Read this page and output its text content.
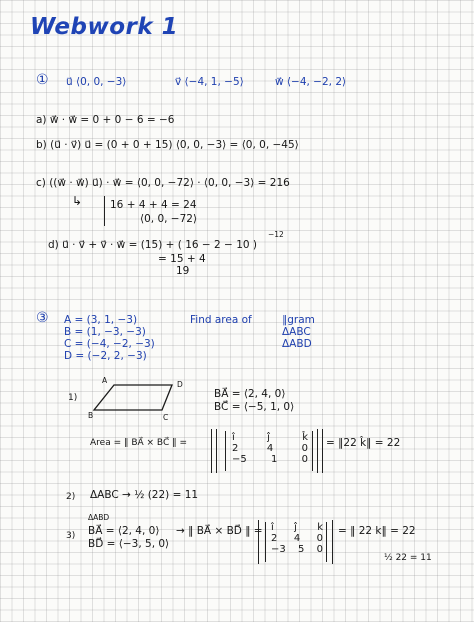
Webwork 1
① u⃗ ⟨0, 0, −3⟩	v⃗ ⟨−4, 1, −5⟩	w⃗ ⟨−4, −2, 2⟩
a) w⃗ · w⃗ = 0 + 0 − 6 = −6
b) (u⃗ · v⃗) u⃗ = (0 + 0 + 15) ⟨0, 0, −3⟩ = ⟨0, 0, −45⟩
c) ((w⃗ · w⃗) u⃗) · w⃗ = ⟨0, 0, −72⟩ · ⟨0, 0, −3⟩ = 216
↳	16 + 4 + 4 = 24
⟨0, 0, −72⟩
−12
d) u⃗ · v⃗ + v⃗ · w⃗ = (15) + ( 16 − 2 − 10 )
= 15 + 4
19
③ A = (3, 1, −3)
B = (1, −3, −3)
C = (−4, −2, −3)
D = (−2, 2, −3)
Find area of	∥gram
ΔABC
ΔABD
1)
A	D
B	C
BA⃗ = ⟨2, 4, 0⟩
BC⃗ = ⟨−5, 1, 0⟩
Area = ‖ BA⃗ × BC⃗ ‖ =	î	ĵ	k̂
2	4	0
−5 1 0
= ‖22 k̂‖ = 22
2) ΔABC → ½ (22) = 11
ΔABD
3) BA⃗ = ⟨2, 4, 0⟩
BD⃗ = ⟨−3, 5, 0⟩
→ ‖ BA⃗ × BD⃗ ‖ = î ĵ k
2 4 0
−3 5 0
= ‖ 22 k‖ = 22
½ 22 = 11
